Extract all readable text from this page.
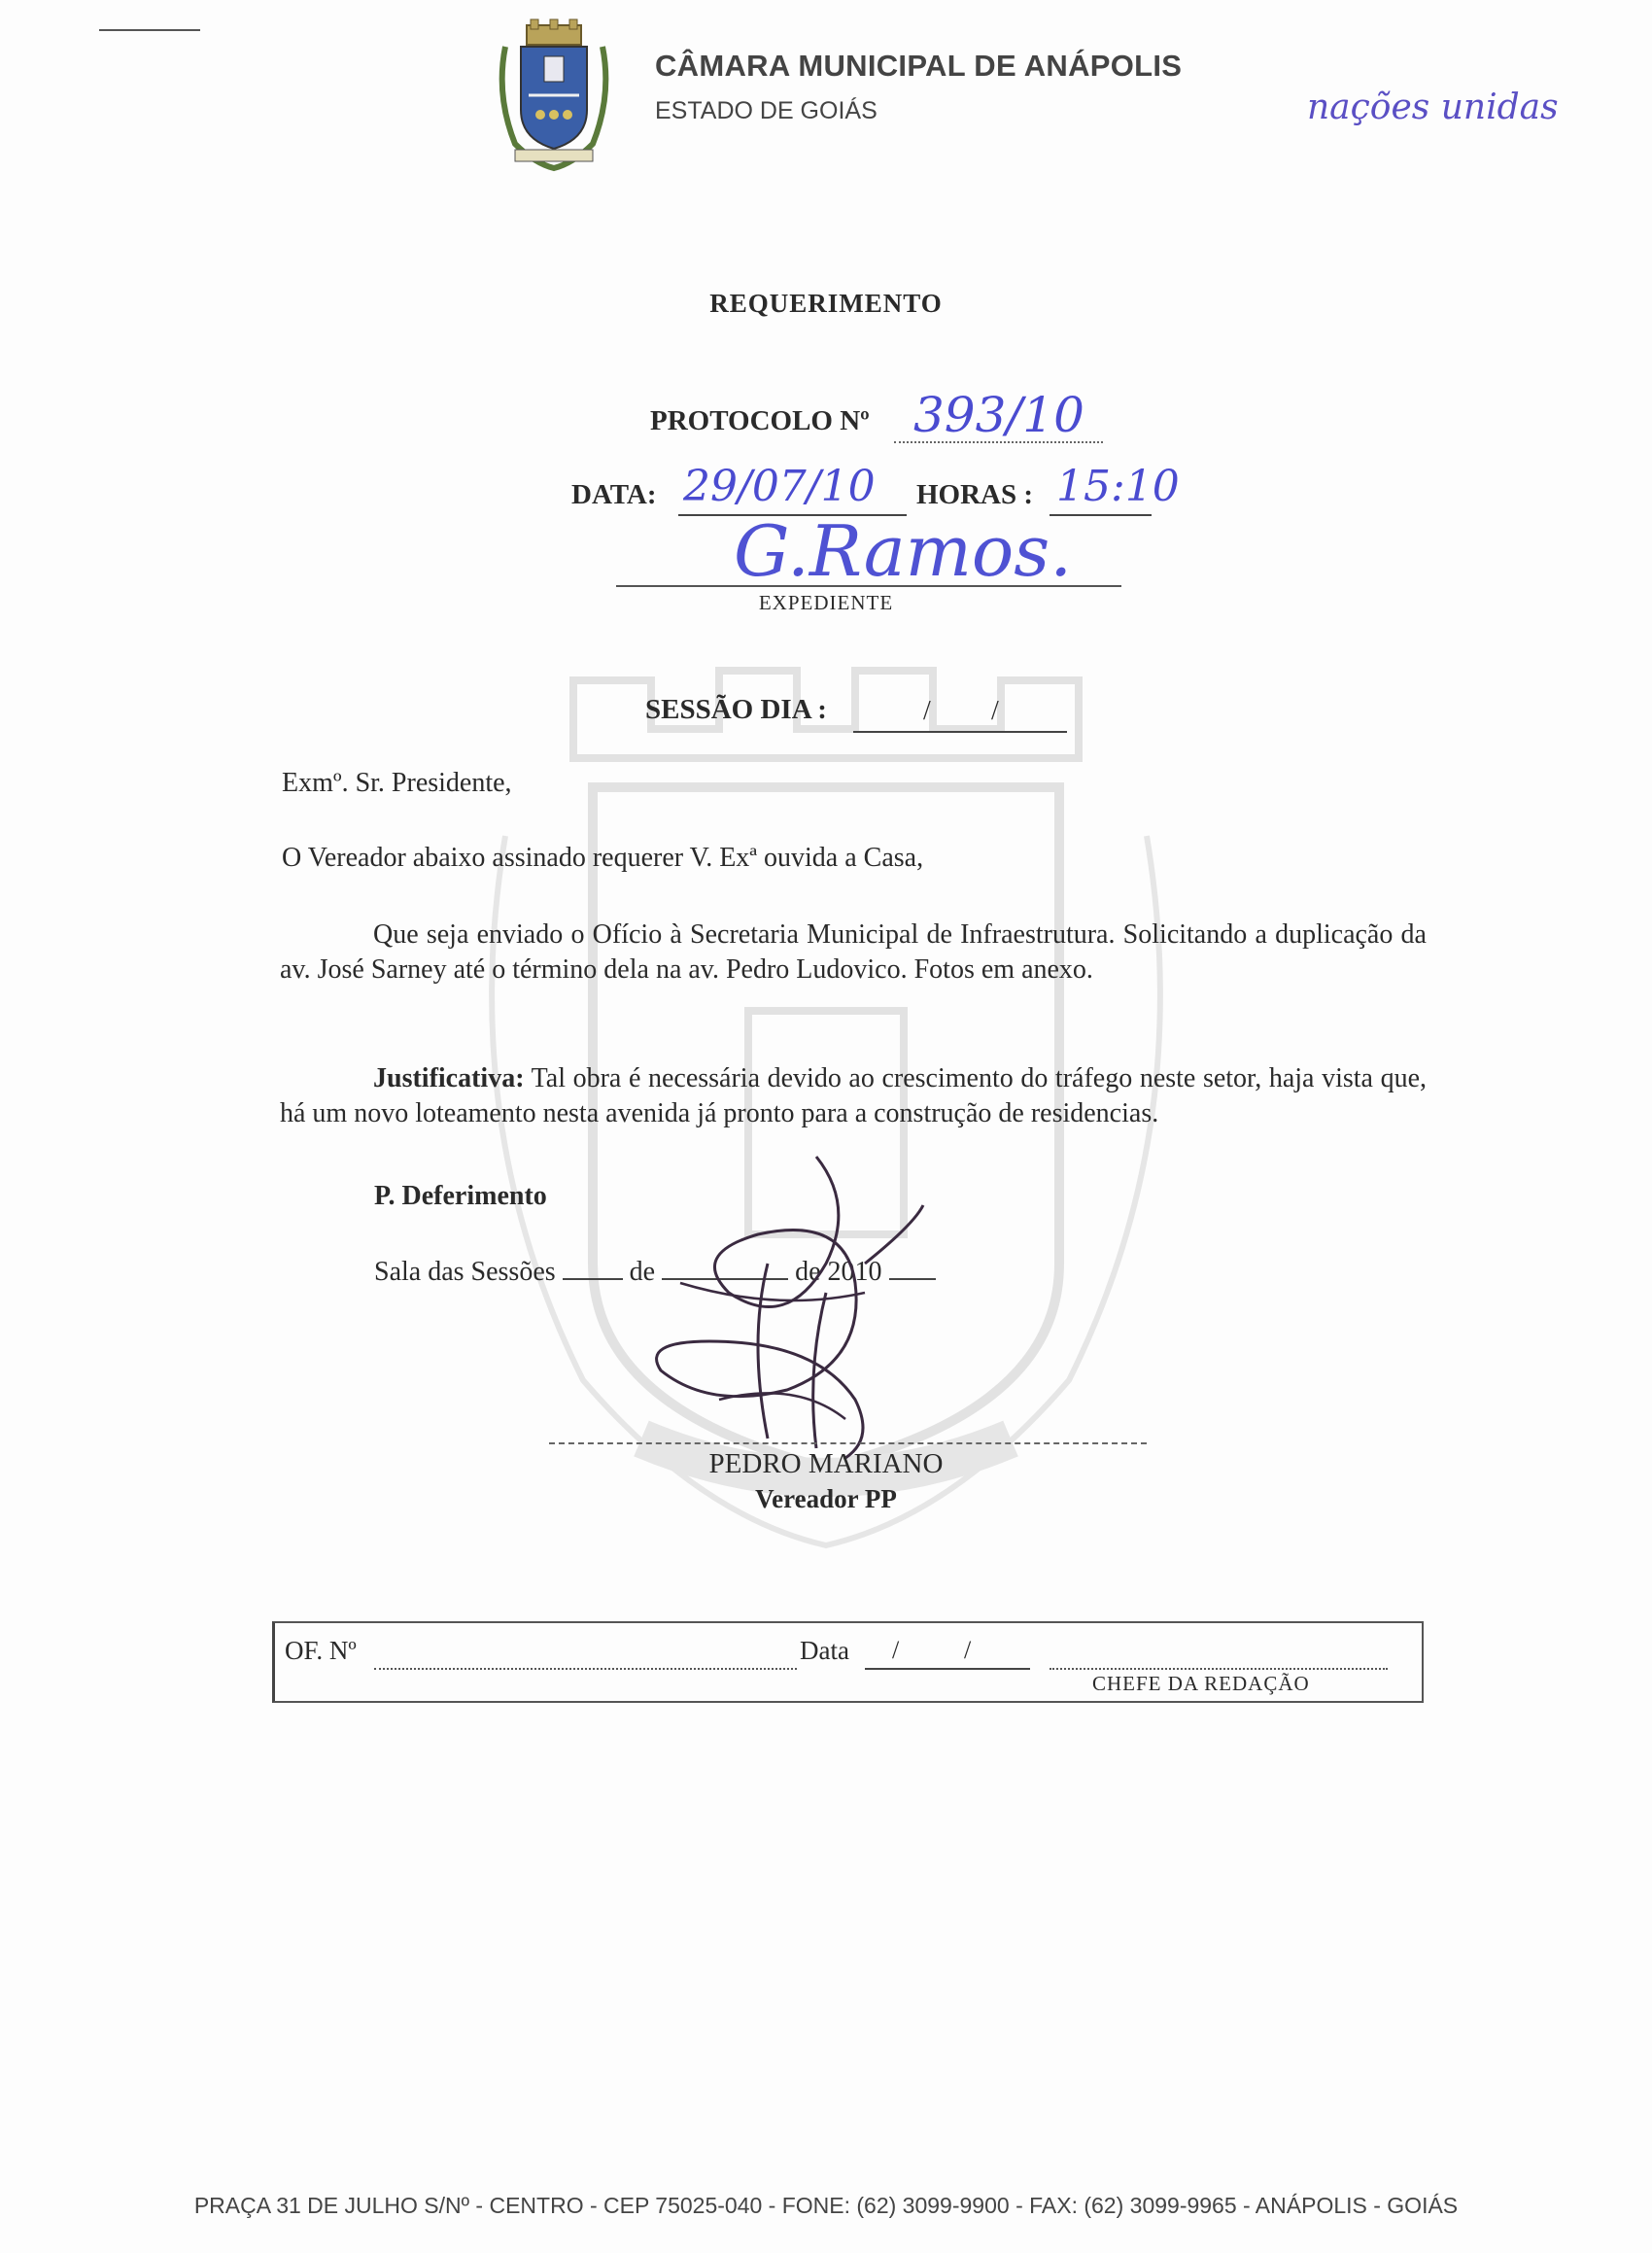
CÂMARA MUNICIPAL DE ANÁPOLIS
ESTADO DE GOIÁS	nações unidas
REQUERIMENTO
PROTOCOLO Nº 393/10
DATA: 29/07/10 HORAS : 15:10
G.Ramos.
EXPEDIENTE
SESSÃO DIA :	/ /
Exmº. Sr. Presidente,
O Vereador abaixo assinado requerer V. Exª ouvida a Casa,
Que seja enviado o Ofício à Secretaria Municipal de Infraestrutura. Solicitando a duplicação da av. José Sarney até o término dela na av. Pedro Ludovico. Fotos em anexo.
Justificativa: Tal obra é necessária devido ao crescimento do tráfego neste setor, haja vista que, há um novo loteamento nesta avenida já pronto para a construção de residencias.
P. Deferimento
Sala das Sessões	de	de 2010
PEDRO MARIANO
Vereador PP
OF. Nº	Data /	/
CHEFE DA REDAÇÃO
PRAÇA 31 DE JULHO S/Nº - CENTRO - CEP 75025-040 - FONE: (62) 3099-9900 - FAX: (62) 3099-9965 - ANÁPOLIS - GOIÁS
